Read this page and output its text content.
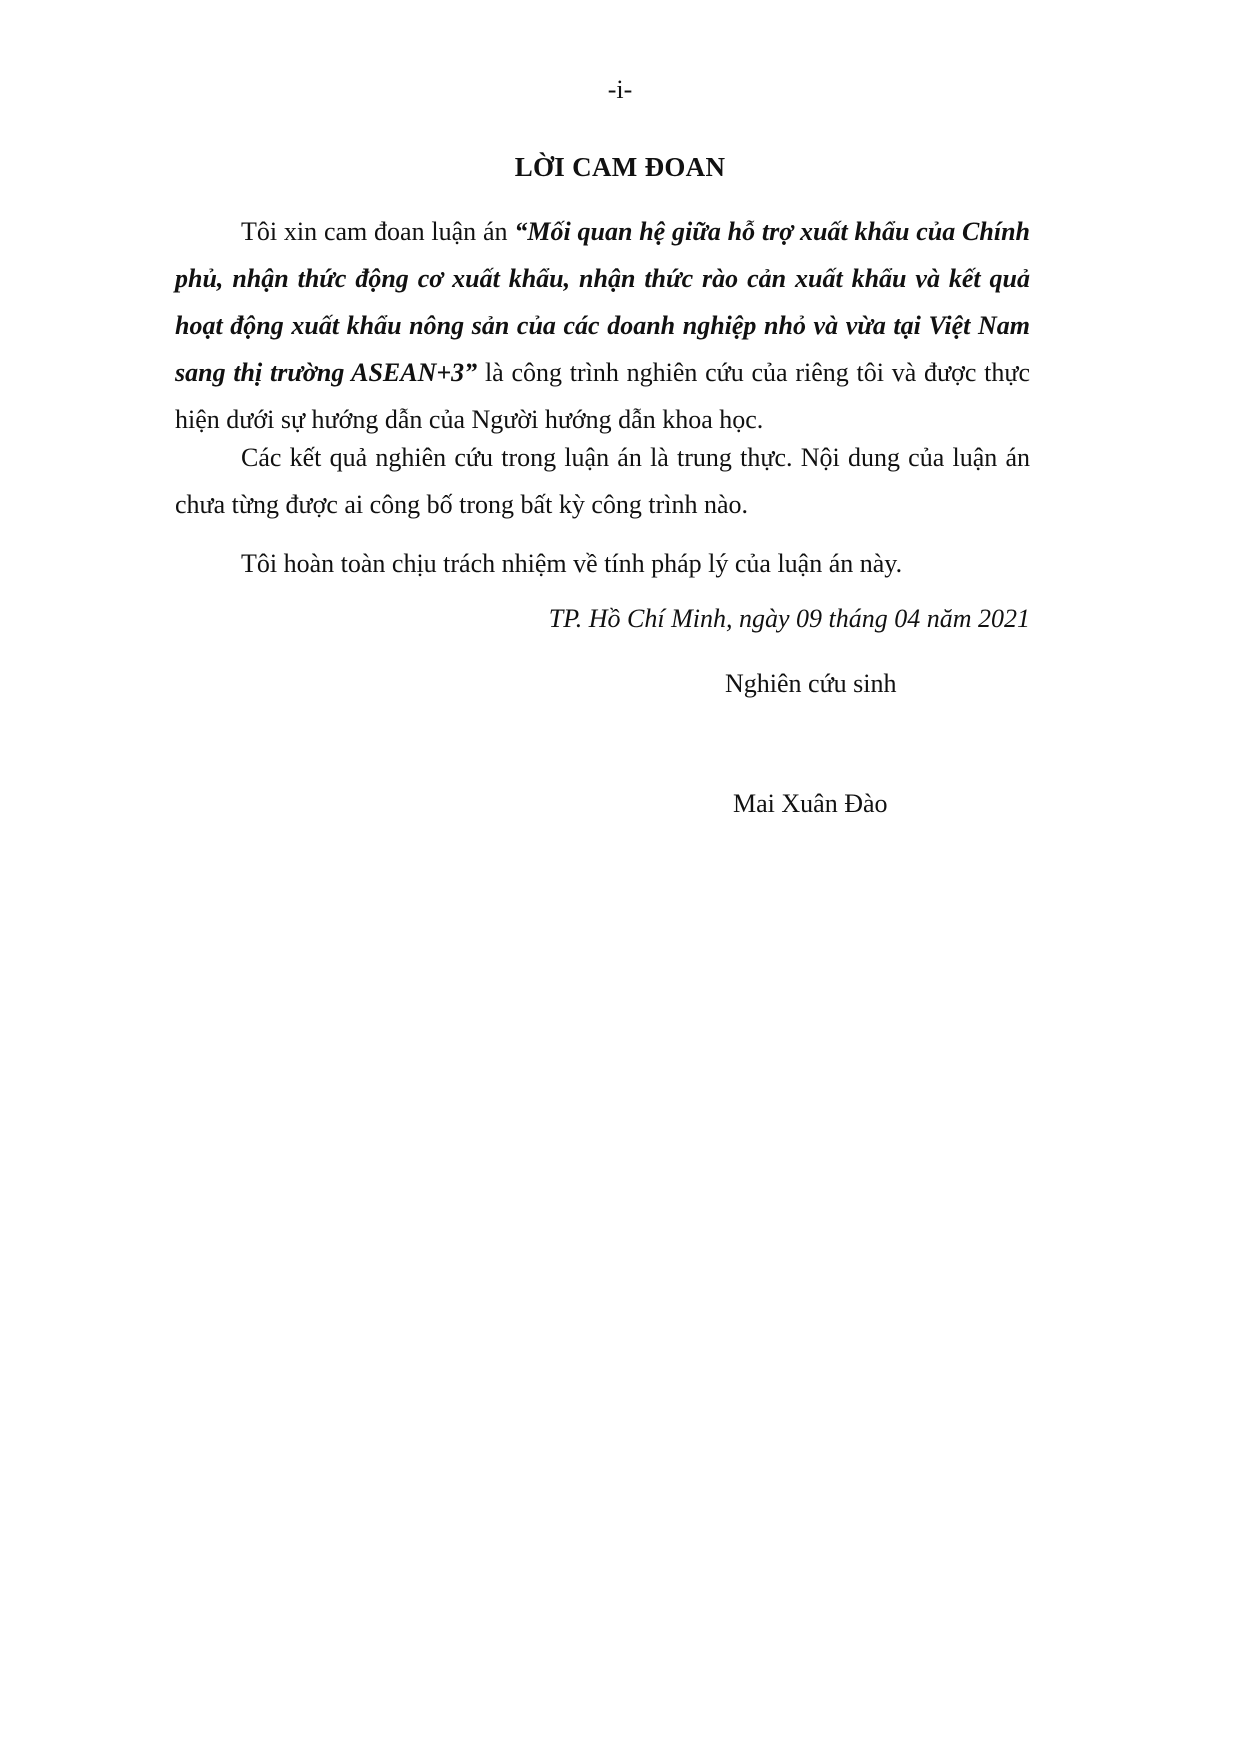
-i-
LỜI CAM ĐOAN

Tôi xin cam đoan luận án “Mối quan hệ giữa hỗ trợ xuất khẩu của Chính phủ, nhận thức động cơ xuất khẩu, nhận thức rào cản xuất khẩu và kết quả hoạt động xuất khẩu nông sản của các doanh nghiệp nhỏ và vừa tại Việt Nam sang thị trường ASEAN+3” là công trình nghiên cứu của riêng tôi và được thực hiện dưới sự hướng dẫn của Người hướng dẫn khoa học.

Các kết quả nghiên cứu trong luận án là trung thực. Nội dung của luận án chưa từng được ai công bố trong bất kỳ công trình nào.

Tôi hoàn toàn chịu trách nhiệm về tính pháp lý của luận án này.

TP. Hồ Chí Minh, ngày 09 tháng 04 năm 2021
Nghiên cứu sinh
Mai Xuân Đào
